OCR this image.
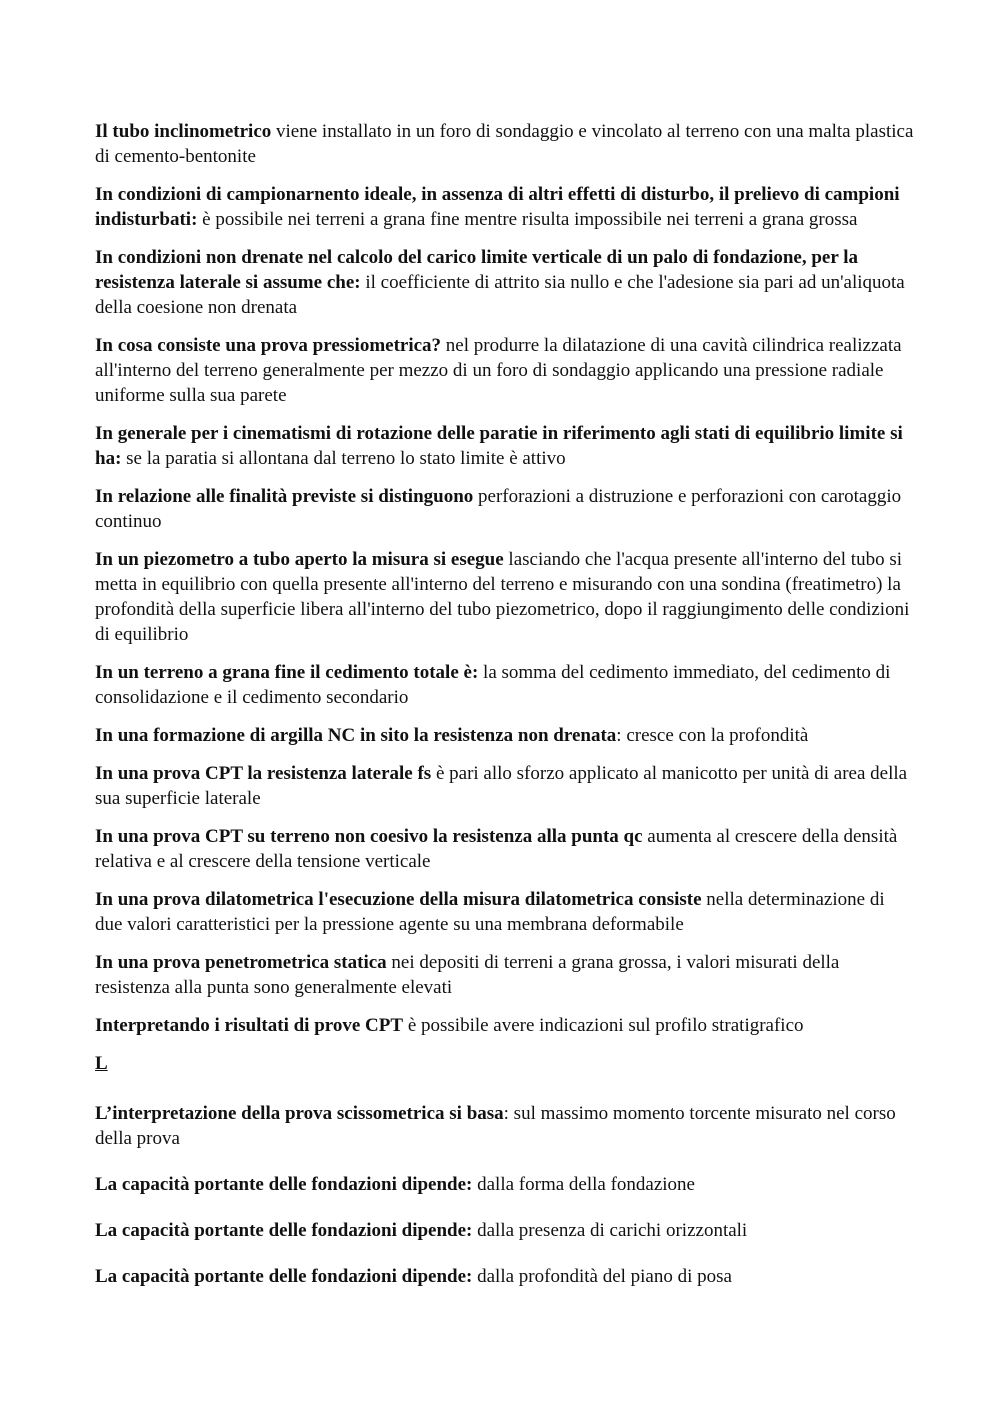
Il tubo inclinometrico viene installato in un foro di sondaggio e vincolato al terreno con una malta plastica di cemento-bentonite

In condizioni di campionarnento ideale, in assenza di altri effetti di disturbo, il prelievo di campioni indisturbati: è possibile nei terreni a grana fine mentre risulta impossibile nei terreni a grana grossa

In condizioni non drenate nel calcolo del carico limite verticale di un palo di fondazione, per la resistenza laterale si assume che: il coefficiente di attrito sia nullo e che l'adesione sia pari ad un'aliquota della coesione non drenata

In cosa consiste una prova pressiometrica? nel produrre la dilatazione di una cavità cilindrica realizzata all'interno del terreno generalmente per mezzo di un foro di sondaggio applicando una pressione radiale uniforme sulla sua parete

In generale per i cinematismi di rotazione delle paratie in riferimento agli stati di equilibrio limite si ha: se la paratia si allontana dal terreno lo stato limite è attivo

In relazione alle finalità previste si distinguono perforazioni a distruzione e perforazioni con carotaggio continuo

In un piezometro a tubo aperto la misura si esegue lasciando che l'acqua presente all'interno del tubo si metta in equilibrio con quella presente all'interno del terreno e misurando con una sondina (freatimetro) la profondità della superficie libera all'interno del tubo piezometrico, dopo il raggiungimento delle condizioni di equilibrio

In un terreno a grana fine il cedimento totale è: la somma del cedimento immediato, del cedimento di consolidazione e il cedimento secondario

In una formazione di argilla NC in sito la resistenza non drenata: cresce con la profondità

In una prova CPT la resistenza laterale fs è pari allo sforzo applicato al manicotto per unità di area della sua superficie laterale

In una prova CPT su terreno non coesivo la resistenza alla punta qc aumenta al crescere della densità relativa e al crescere della tensione verticale

In una prova dilatometrica l'esecuzione della misura dilatometrica consiste nella determinazione di due valori caratteristici per la pressione agente su una membrana deformabile

In una prova penetrometrica statica nei depositi di terreni a grana grossa, i valori misurati della resistenza alla punta sono generalmente elevati

Interpretando i risultati di prove CPT è possibile avere indicazioni sul profilo stratigrafico

L

L’interpretazione della prova scissometrica si basa: sul massimo momento torcente misurato nel corso della prova

La capacità portante delle fondazioni dipende: dalla forma della fondazione

La capacità portante delle fondazioni dipende: dalla presenza di carichi orizzontali

La capacità portante delle fondazioni dipende: dalla profondità del piano di posa
